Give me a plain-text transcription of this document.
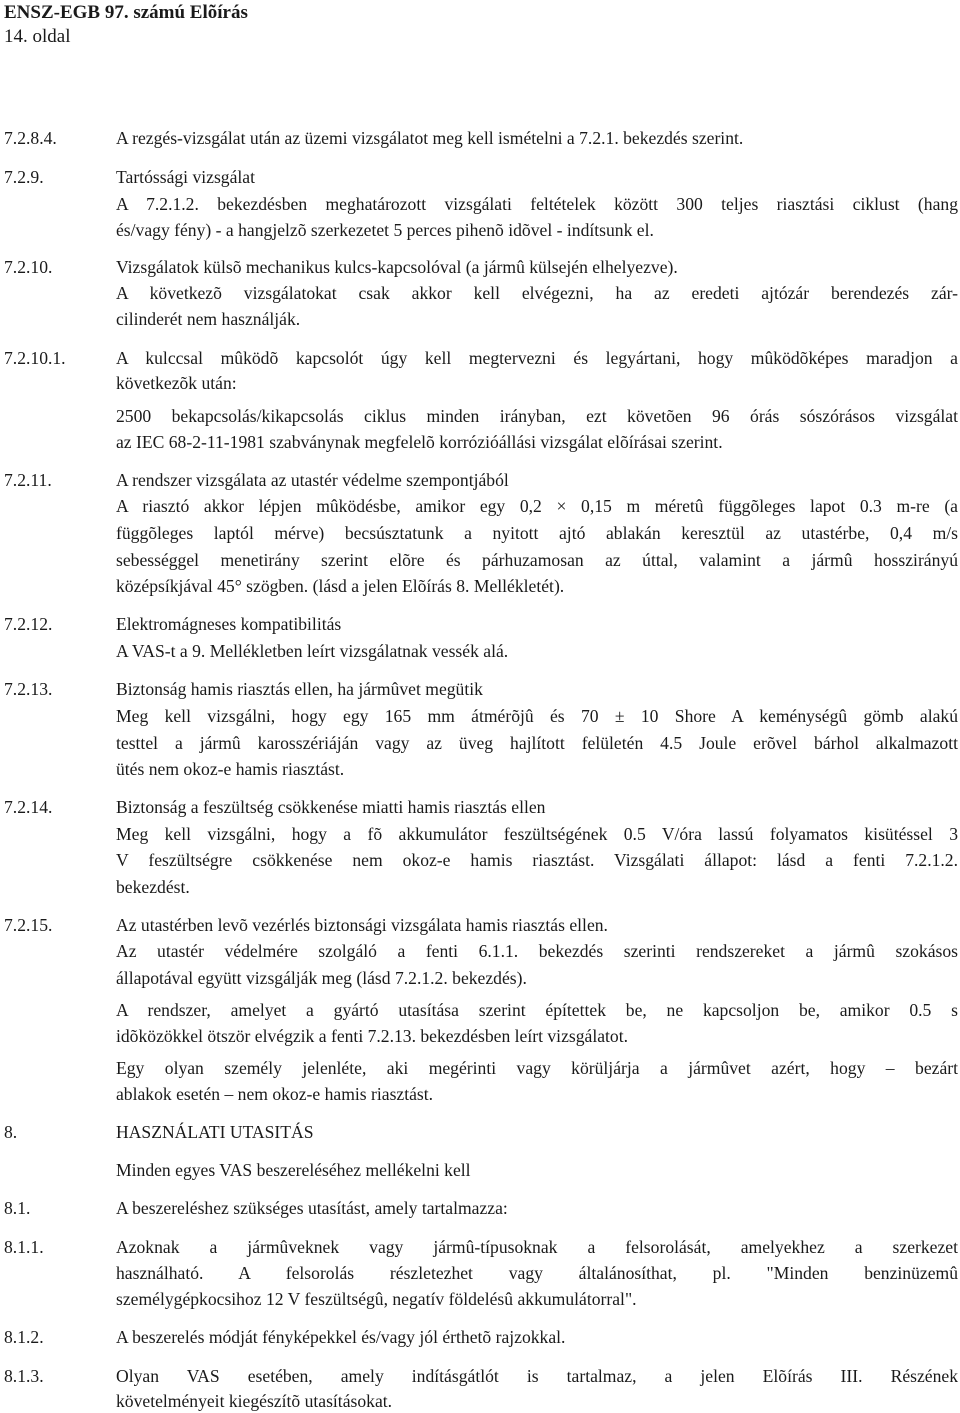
ENSZ-EGB 97. számú Elõírás
14. oldal
7.2.8.4.	A rezgés-vizsgálat után az üzemi vizsgálatot meg kell ismételni a 7.2.1. bekezdés szerint.
7.2.9.	Tartóssági vizsgálat
A 7.2.1.2. bekezdésben meghatározott vizsgálati feltételek között 300 teljes riasztási ciklust (hang
és/vagy fény) - a hangjelzõ szerkezetet 5 perces pihenõ idõvel - indítsunk el.
7.2.10.	Vizsgálatok külsõ mechanikus kulcs-kapcsolóval (a jármû külsején elhelyezve).
A következõ vizsgálatokat csak akkor kell elvégezni, ha az eredeti ajtózár berendezés zár-
cilinderét nem használják.
7.2.10.1.	A kulccsal mûködõ kapcsolót úgy kell megtervezni és legyártani, hogy mûködõképes maradjon a
következõk után:
2500 bekapcsolás/kikapcsolás ciklus minden irányban, ezt követõen 96 órás sószórásos vizsgálat
az IEC 68-2-11-1981 szabványnak megfelelõ korrózióállási vizsgálat elõírásai szerint.
7.2.11.	A rendszer vizsgálata az utastér védelme szempontjából
A riasztó akkor lépjen mûködésbe, amikor egy 0,2 × 0,15 m méretû függõleges lapot 0.3 m-re (a
függõleges laptól mérve) becsúsztatunk a nyitott ajtó ablakán keresztül az utastérbe, 0,4 m/s
sebességgel menetirány szerint elõre és párhuzamosan az úttal, valamint a jármû hosszirányú
középsíkjával 45° szögben. (lásd a jelen Elõírás 8. Mellékletét).
7.2.12.	Elektromágneses kompatibilitás
A VAS-t a 9. Mellékletben leírt vizsgálatnak vessék alá.
7.2.13.	Biztonság hamis riasztás ellen, ha jármûvet megütik
Meg kell vizsgálni, hogy egy 165 mm átmérõjû és 70 ± 10 Shore A keménységû gömb alakú
testtel a jármû karosszériáján vagy az üveg hajlított felületén 4.5 Joule erõvel bárhol alkalmazott
ütés nem okoz-e hamis riasztást.
7.2.14.	Biztonság a feszültség csökkenése miatti hamis riasztás ellen
Meg kell vizsgálni, hogy a fõ akkumulátor feszültségének 0.5 V/óra lassú folyamatos kisütéssel 3
V feszültségre csökkenése nem okoz-e hamis riasztást. Vizsgálati állapot: lásd a fenti 7.2.1.2.
bekezdést.
7.2.15.	Az utastérben levõ vezérlés biztonsági vizsgálata hamis riasztás ellen.
Az utastér védelmére szolgáló a fenti 6.1.1. bekezdés szerinti rendszereket a jármû szokásos
állapotával együtt vizsgálják meg (lásd 7.2.1.2. bekezdés).
A rendszer, amelyet a gyártó utasítása szerint építettek be, ne kapcsoljon be, amikor 0.5 s
idõközökkel ötször elvégzik a fenti 7.2.13. bekezdésben leírt vizsgálatot.
Egy olyan személy jelenléte, aki megérinti vagy körüljárja a jármûvet azért, hogy – bezárt
ablakok esetén – nem okoz-e hamis riasztást.
8.	HASZNÁLATI UTASITÁS
Minden egyes VAS beszereléséhez mellékelni kell
8.1.	A beszereléshez szükséges utasítást, amely tartalmazza:
8.1.1.	Azoknak a jármûveknek vagy jármû-típusoknak a felsorolását, amelyekhez a szerkezet
használható. A felsorolás részletezhet vagy általánosíthat, pl. "Minden benzinüzemû
személygépkocsihoz 12 V feszültségû, negatív földelésû akkumulátorral".
8.1.2.	A beszerelés módját fényképekkel és/vagy jól érthetõ rajzokkal.
8.1.3.	Olyan VAS esetében, amely indításgátlót is tartalmaz, a jelen Elõírás III. Részének
követelményeit kiegészítõ utasításokat.
